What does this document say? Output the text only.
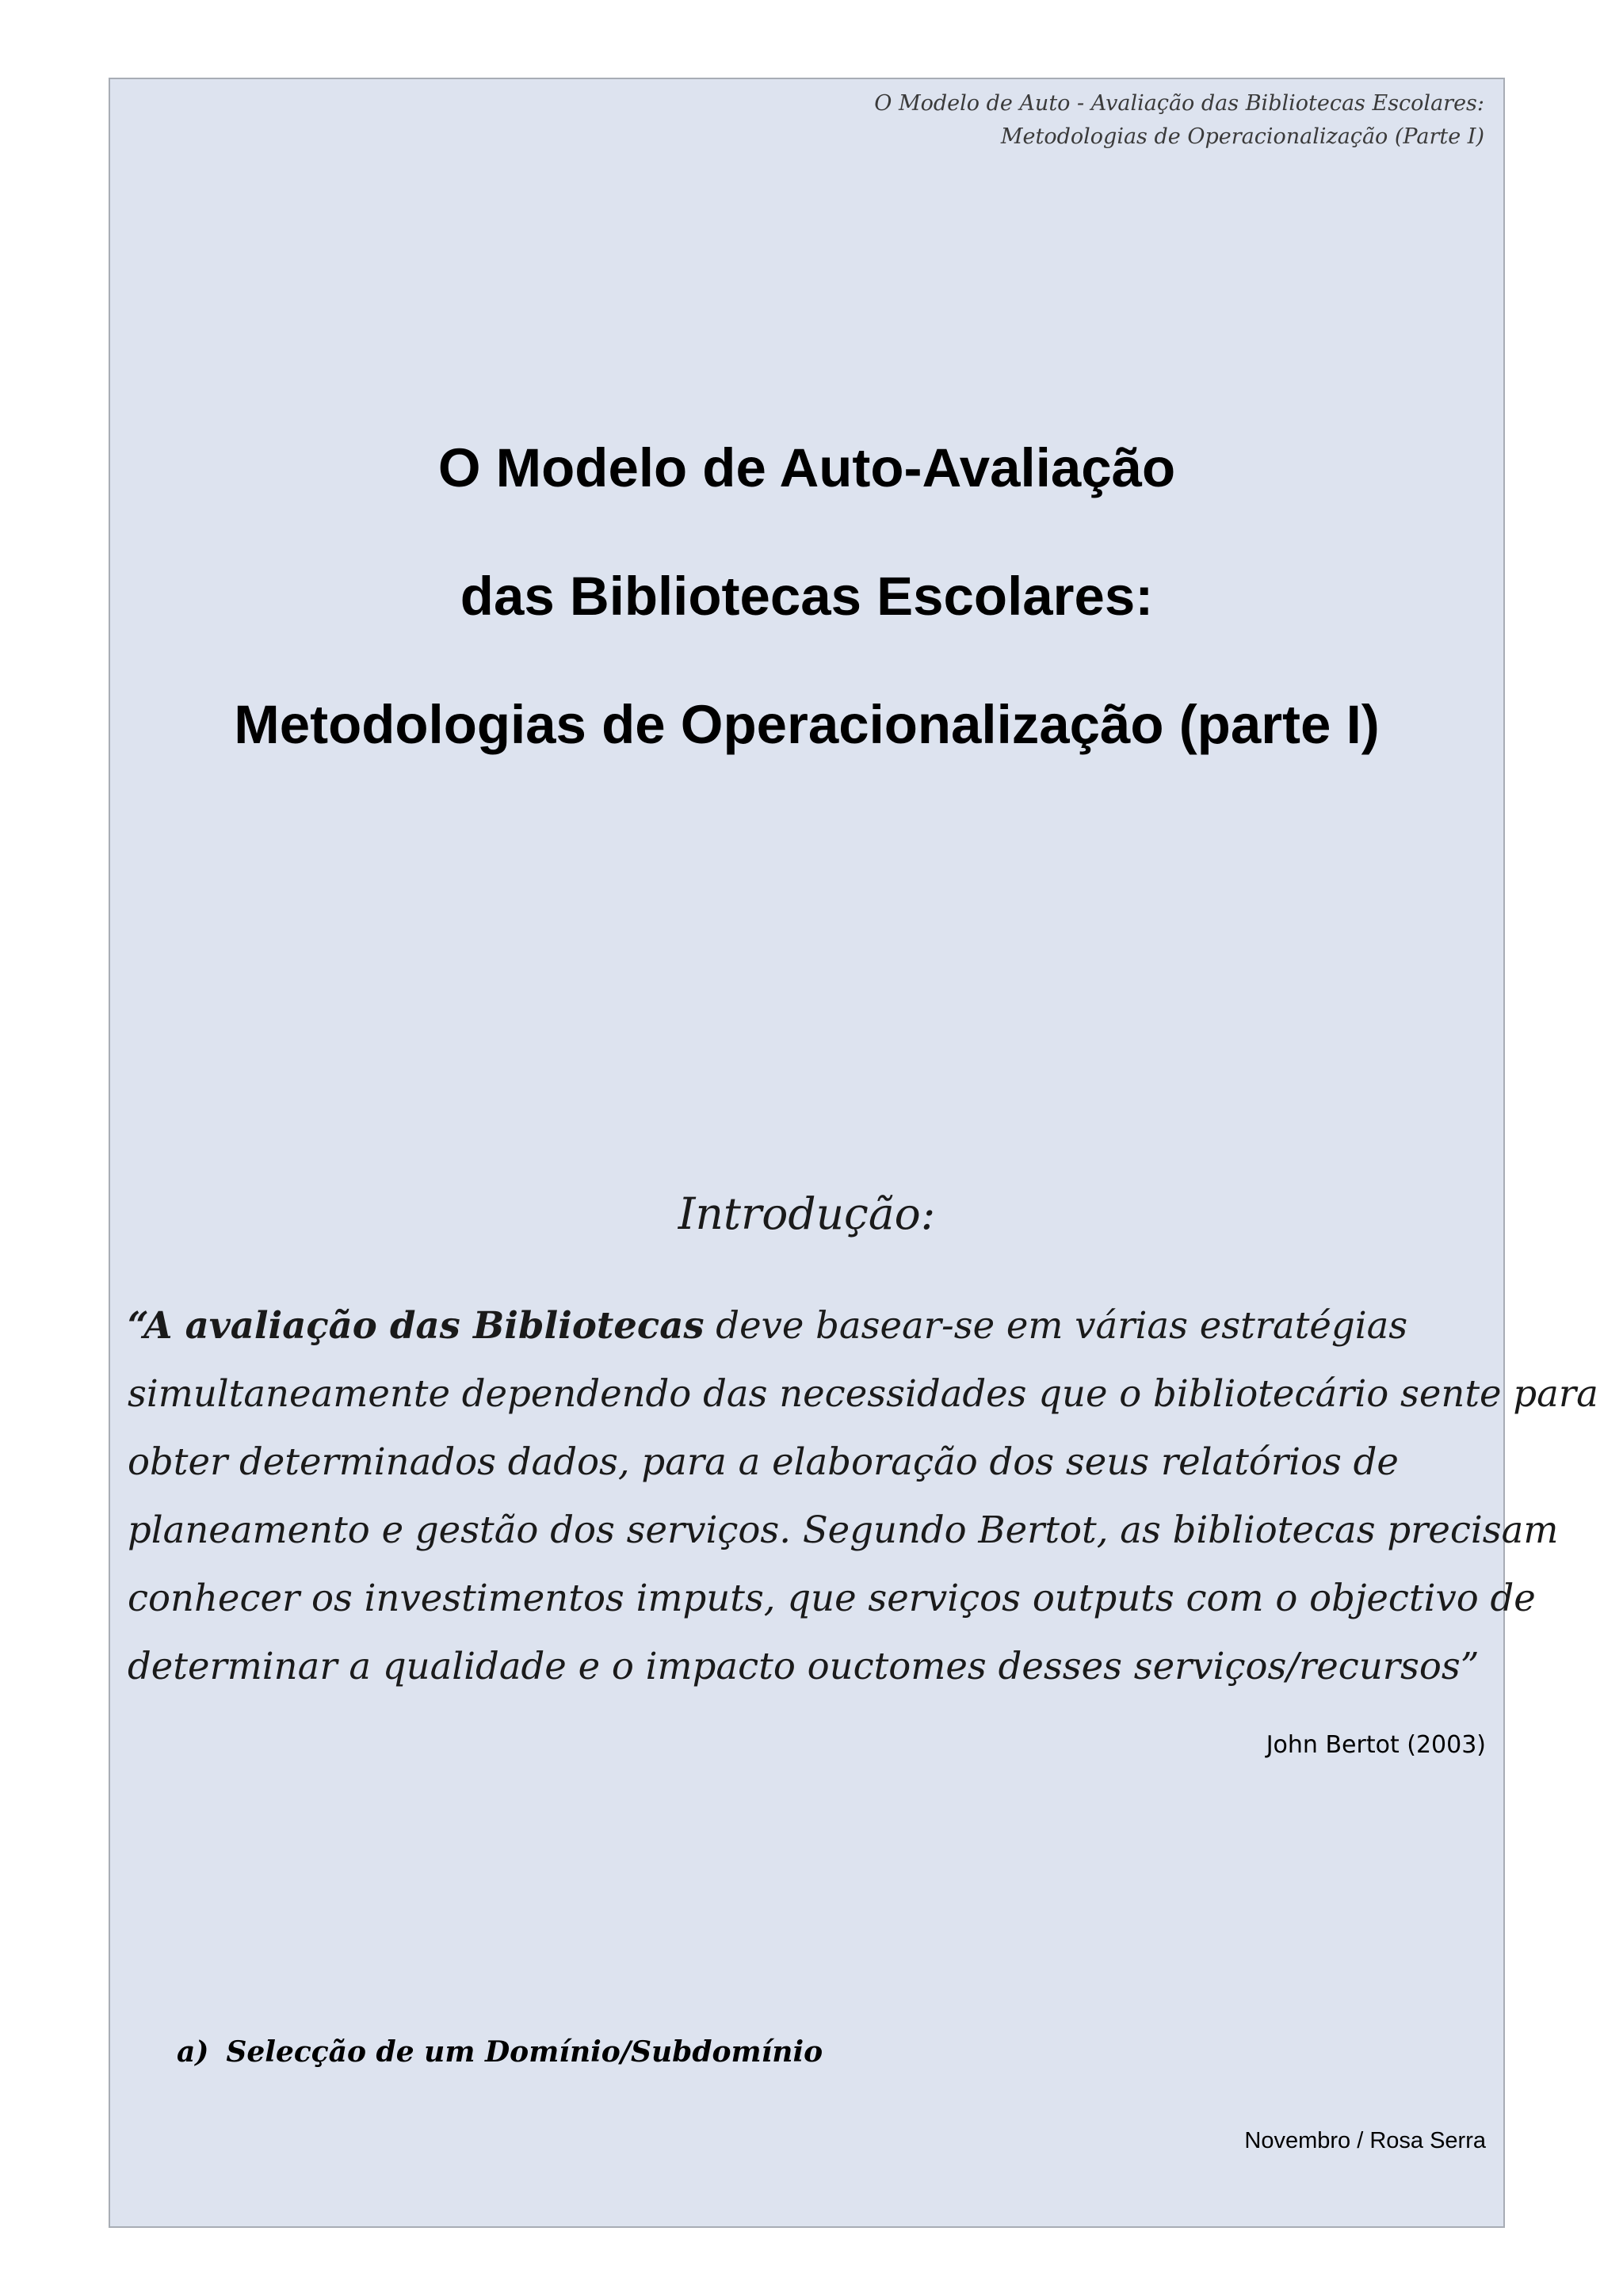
O Modelo de Auto - Avaliação das Bibliotecas Escolares:
Metodologias de Operacionalização (Parte I)
O Modelo de Auto-Avaliação
das Bibliotecas Escolares:
Metodologias de Operacionalização (parte I)
Introdução:
“A avaliação das Bibliotecas deve basear-se em várias estratégias
simultaneamente dependendo das necessidades que o bibliotecário sente para
obter determinados dados, para a elaboração dos seus relatórios de
planeamento e gestão dos serviços. Segundo Bertot, as bibliotecas precisam
conhecer os investimentos imputs, que serviços outputs com o objectivo de
determinar a qualidade e o impacto ouctomes desses serviços/recursos”
John Bertot (2003)
a) Selecção de um Domínio/Subdomínio
Novembro / Rosa Serra
